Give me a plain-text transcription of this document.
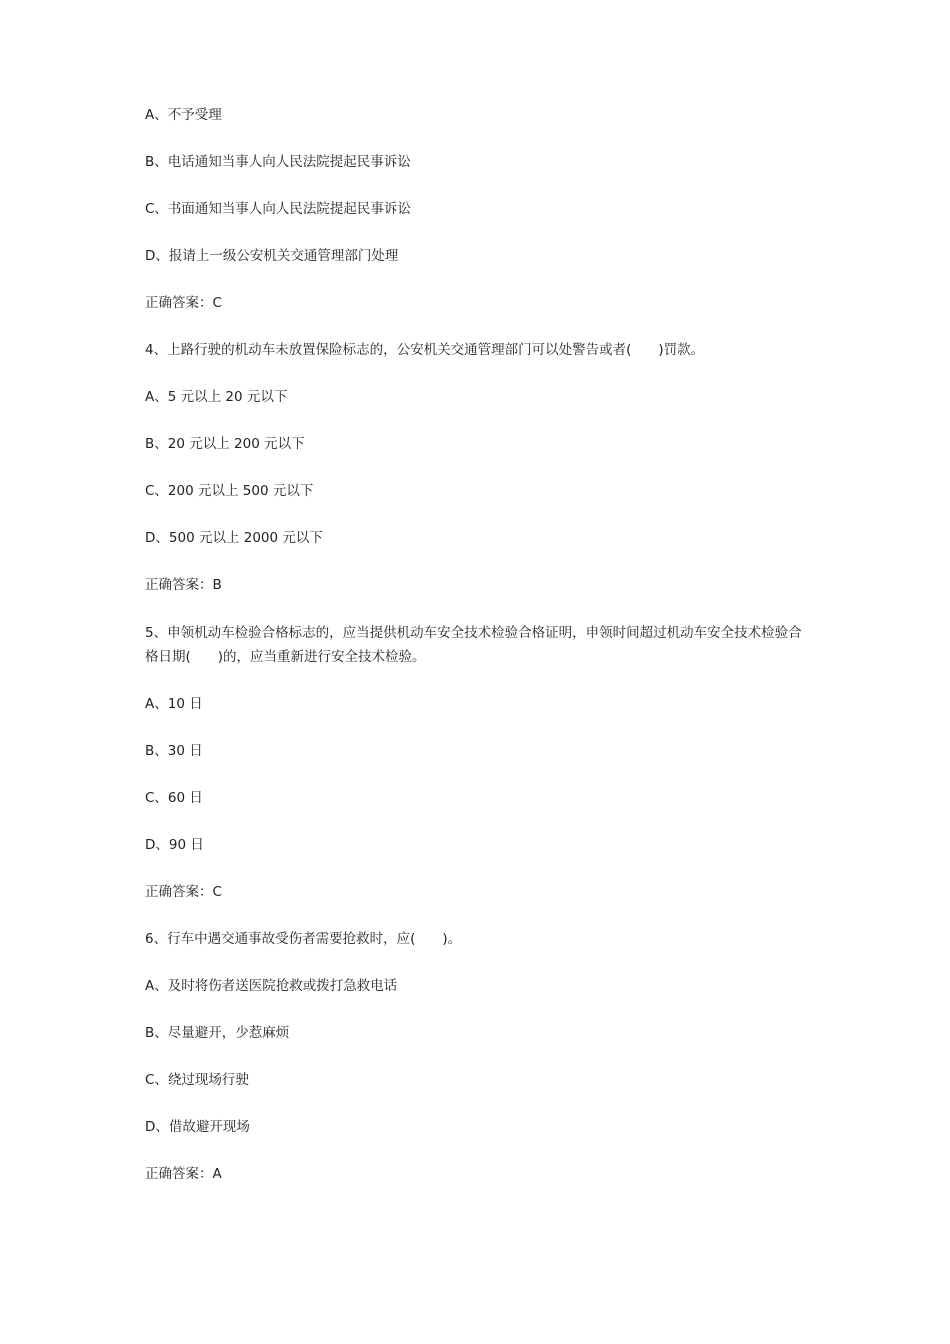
A、不予受理
B、电话通知当事人向人民法院提起民事诉讼
C、书面通知当事人向人民法院提起民事诉讼
D、报请上一级公安机关交通管理部门处理
正确答案：C
4、上路行驶的机动车未放置保险标志的，公安机关交通管理部门可以处警告或者(　　)罚款。
A、5 元以上 20 元以下
B、20 元以上 200 元以下
C、200 元以上 500 元以下
D、500 元以上 2000 元以下
正确答案：B
5、申领机动车检验合格标志的，应当提供机动车安全技术检验合格证明，申领时间超过机动车安全技术检验合格日期(　　)的，应当重新进行安全技术检验。
A、10 日
B、30 日
C、60 日
D、90 日
正确答案：C
6、行车中遇交通事故受伤者需要抢救时，应(　　)。
A、及时将伤者送医院抢救或拨打急救电话
B、尽量避开，少惹麻烦
C、绕过现场行驶
D、借故避开现场
正确答案：A
